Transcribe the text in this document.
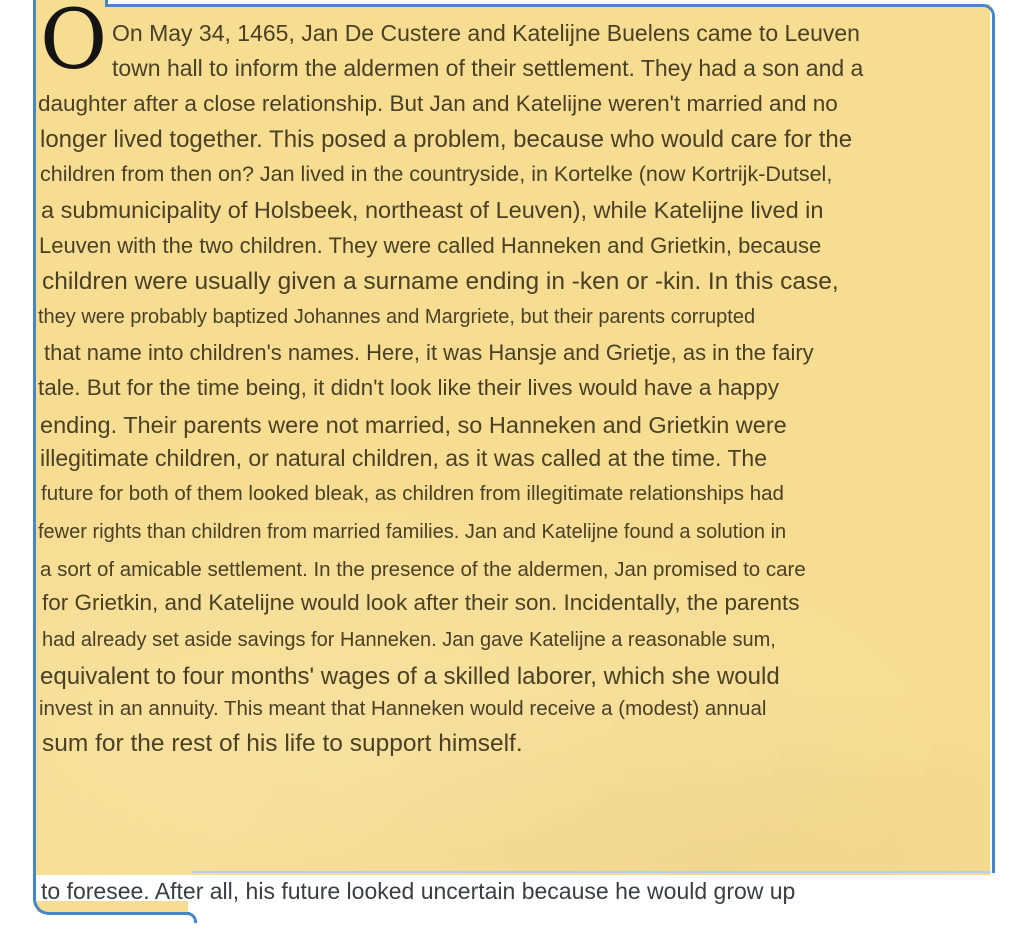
O On May 34, 1465, Jan De Custere and Katelijne Buelens came to Leuven
town hall to inform the aldermen of their settlement. They had a son and a
daughter after a close relationship. But Jan and Katelijne weren't married and no
longer lived together. This posed a problem, because who would care for the
children from then on? Jan lived in the countryside, in Kortelke (now Kortrijk-Dutsel,
a submunicipality of Holsbeek, northeast of Leuven), while Katelijne lived in
Leuven with the two children. They were called Hanneken and Grietkin, because
children were usually given a surname ending in -ken or -kin. In this case,
they were probably baptized Johannes and Margriete, but their parents corrupted
that name into children's names. Here, it was Hansje and Grietje, as in the fairy
tale. But for the time being, it didn't look like their lives would have a happy
ending. Their parents were not married, so Hanneken and Grietkin were
illegitimate children, or natural children, as it was called at the time. The
future for both of them looked bleak, as children from illegitimate relationships had
fewer rights than children from married families. Jan and Katelijne found a solution in
a sort of amicable settlement. In the presence of the aldermen, Jan promised to care
for Grietkin, and Katelijne would look after their son. Incidentally, the parents
had already set aside savings for Hanneken. Jan gave Katelijne a reasonable sum,
equivalent to four months' wages of a skilled laborer, which she would
invest in an annuity. This meant that Hanneken would receive a (modest) annual
sum for the rest of his life to support himself.
to foresee. After all, his future looked uncertain because he would grow up
